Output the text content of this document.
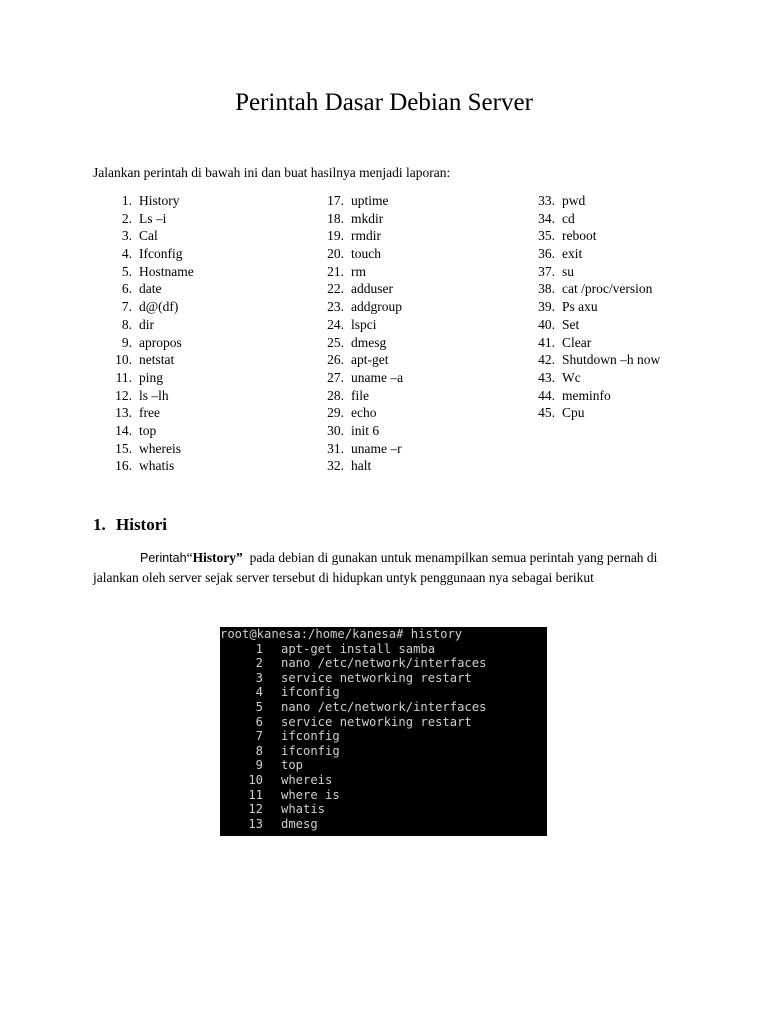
Perintah Dasar Debian Server
Jalankan perintah di bawah ini dan buat hasilnya menjadi laporan:
1. History
2. Ls –i
3. Cal
4. Ifconfig
5. Hostname
6. date
7. d@(df)
8. dir
9. apropos
10. netstat
11. ping
12. ls –lh
13. free
14. top
15. whereis
16. whatis
17. uptime
18. mkdir
19. rmdir
20. touch
21. rm
22. adduser
23. addgroup
24. lspci
25. dmesg
26. apt-get
27. uname –a
28. file
29. echo
30. init 6
31. uname –r
32. halt
33. pwd
34. cd
35. reboot
36. exit
37. su
38. cat /proc/version
39. Ps axu
40. Set
41. Clear
42. Shutdown –h now
43. Wc
44. meminfo
45. Cpu
1. Histori
Perintah“History”  pada debian di gunakan untuk menampilkan semua perintah yang pernah di jalankan oleh server sejak server tersebut di hidupkan untyk penggunaan nya sebagai berikut
root@kanesa:/home/kanesa# history
1 apt-get install samba
2 nano /etc/network/interfaces
3 service networking restart
4 ifconfig
5 nano /etc/network/interfaces
6 service networking restart
7 ifconfig
8 ifconfig
9 top
10 whereis
11 where is
12 whatis
13 dmesg
